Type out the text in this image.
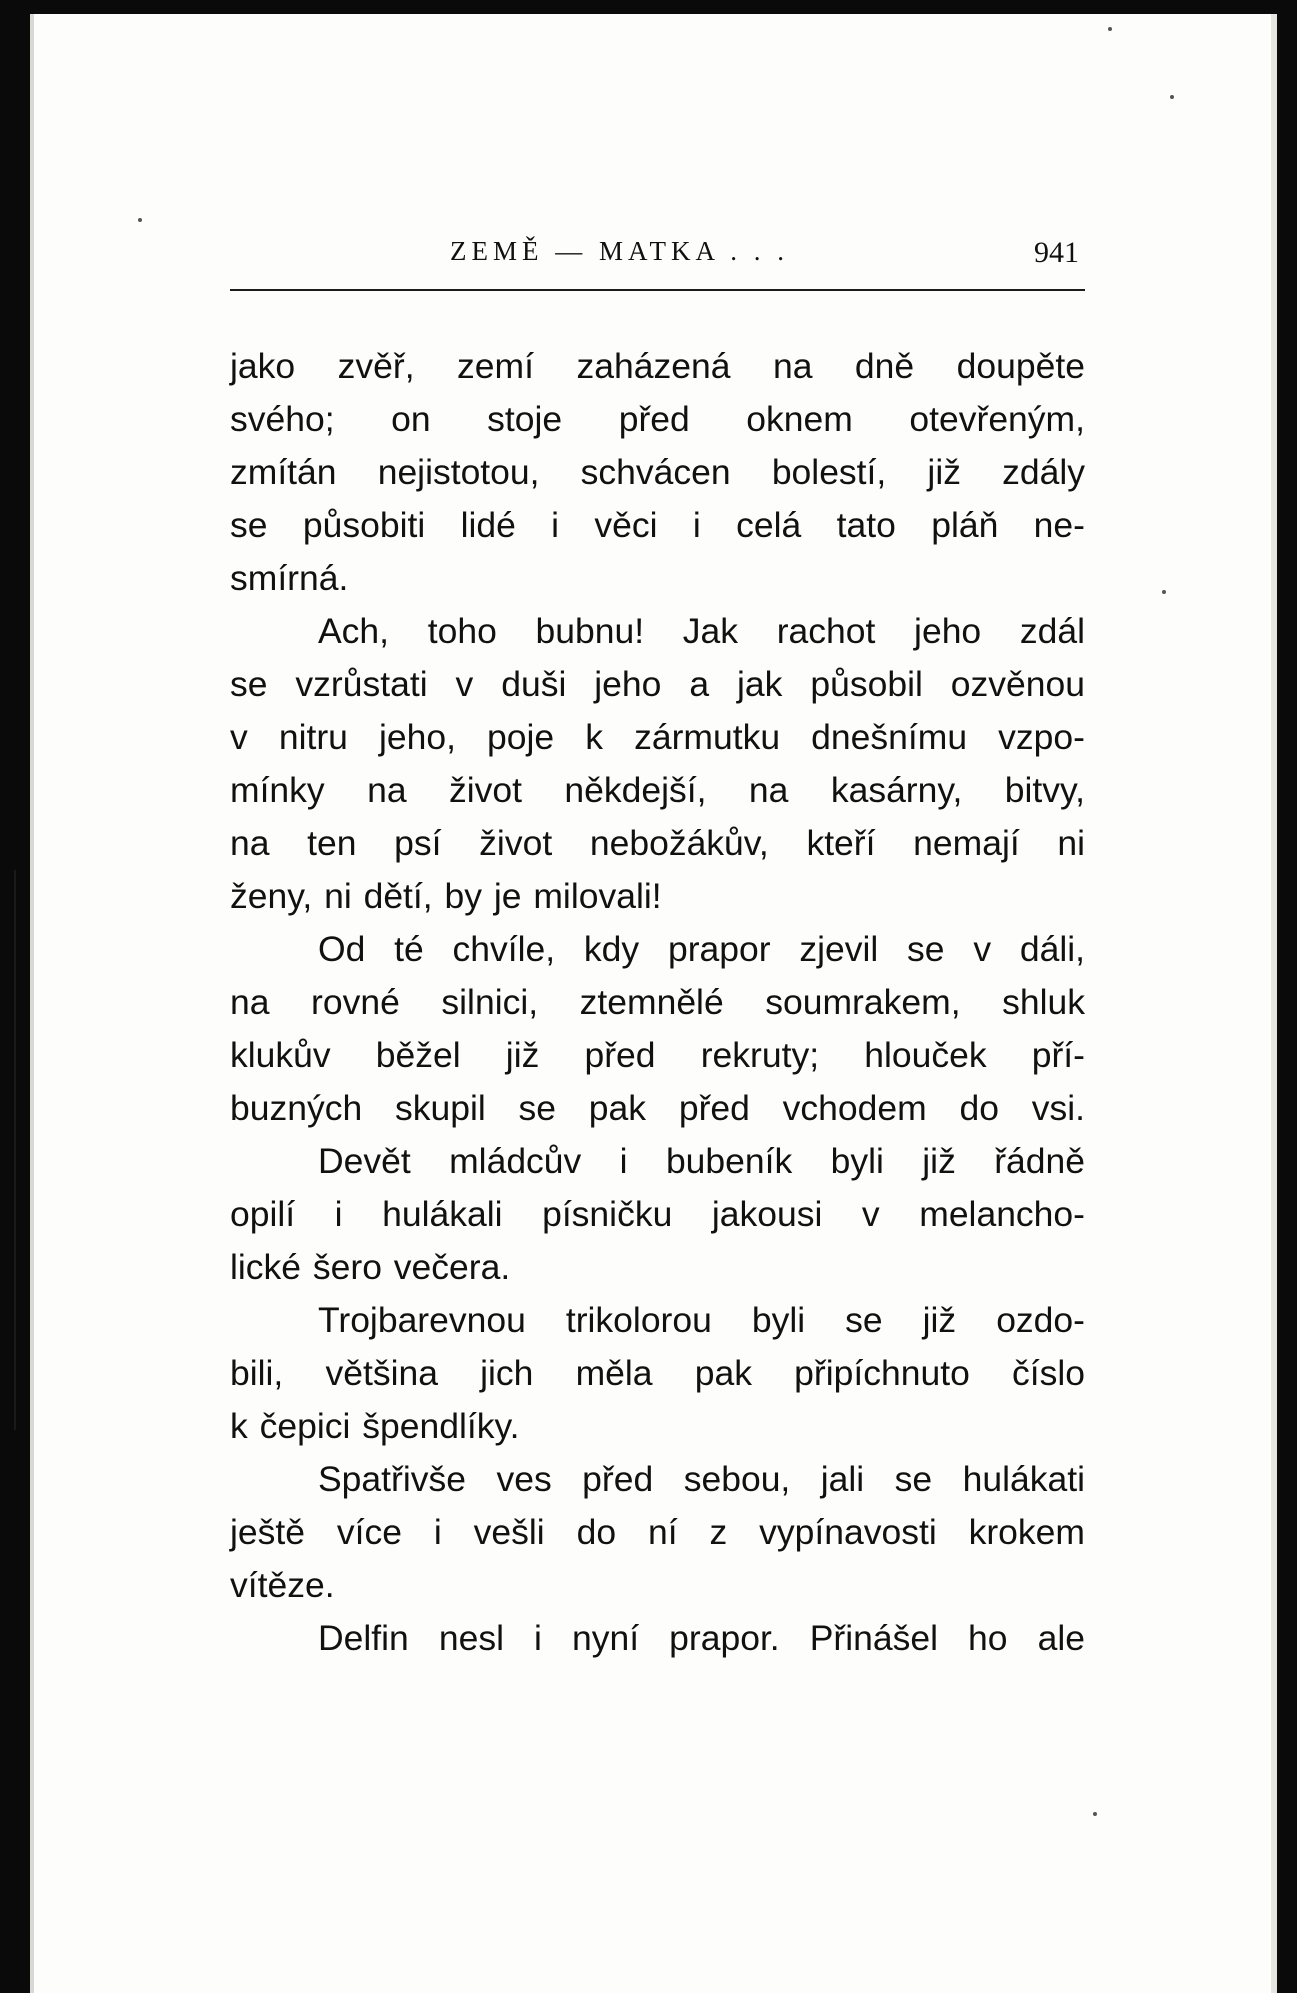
ZEMĚ — MATKA . . .	941
jako zvěř, zemí zaházená na dně doupěte
svého; on stoje před oknem otevřeným,
zmítán nejistotou, schvácen bolestí, již zdály
se působiti lidé i věci i celá tato pláň ne-
smírná.
Ach, toho bubnu! Jak rachot jeho zdál
se vzrůstati v duši jeho a jak působil ozvěnou
v nitru jeho, poje k zármutku dnešnímu vzpo-
mínky na život někdejší, na kasárny, bitvy,
na ten psí život nebožákův, kteří nemají ni
ženy, ni dětí, by je milovali!
Od té chvíle, kdy prapor zjevil se v dáli,
na rovné silnici, ztemnělé soumrakem, shluk
klukův běžel již před rekruty; hlouček pří-
buzných skupil se pak před vchodem do vsi.
Devět mládcův i bubeník byli již řádně
opilí i hulákali písničku jakousi v melancho-
lické šero večera.
Trojbarevnou trikolorou byli se již ozdo-
bili, většina jich měla pak připíchnuto číslo
k čepici špendlíky.
Spatřivše ves před sebou, jali se hulákati
ještě více i vešli do ní z vypínavosti krokem
vítěze.
Delfin nesl i nyní prapor. Přinášel ho ale
